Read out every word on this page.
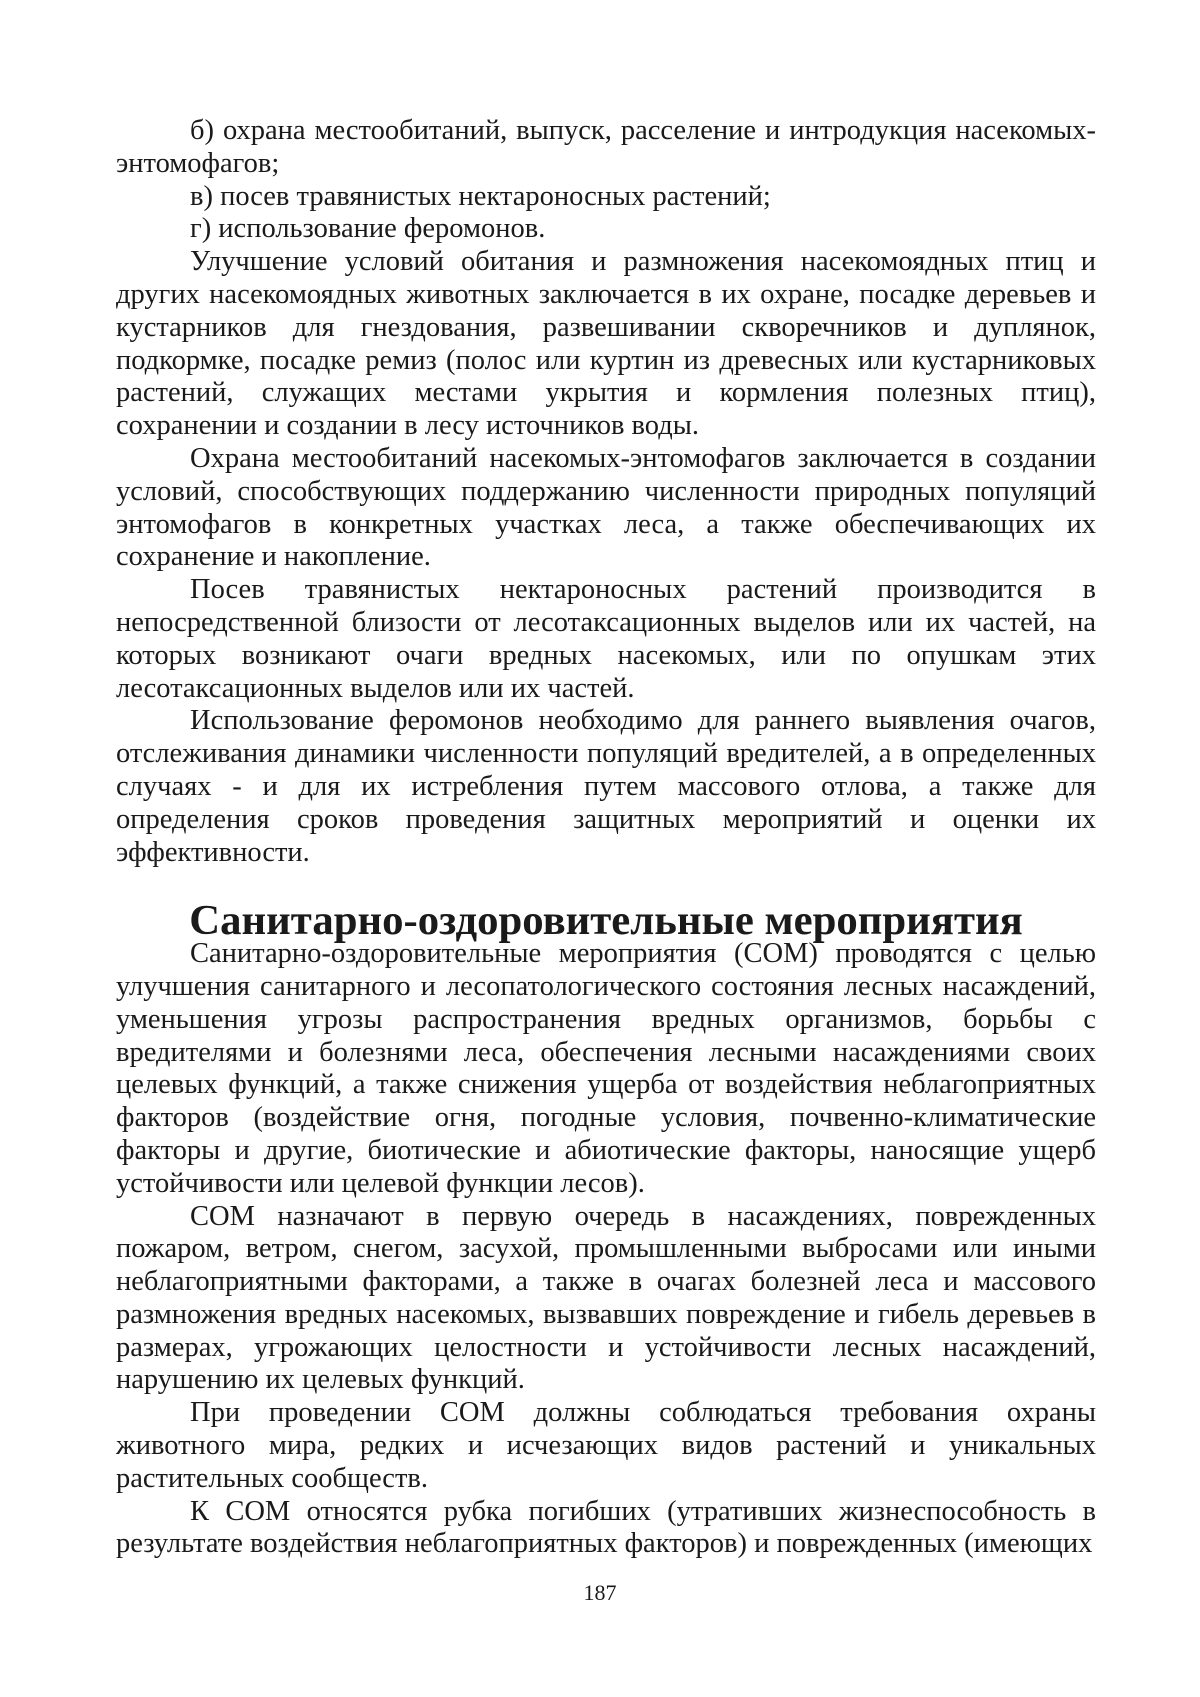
б) охрана местообитаний, выпуск, расселение и интродукция насекомых-энтомофагов;

в) посев травянистых нектароносных растений;

г) использование феромонов.

Улучшение условий обитания и размножения насекомоядных птиц и других насекомоядных животных заключается в их охране, посадке деревьев и кустарников для гнездования, развешивании скворечников и дуплянок, подкормке, посадке ремиз (полос или куртин из древесных или кустарниковых растений, служащих местами укрытия и кормления полезных птиц), сохранении и создании в лесу источников воды.

Охрана местообитаний насекомых-энтомофагов заключается в создании условий, способствующих поддержанию численности природных популяций энтомофагов в конкретных участках леса, а также обеспечивающих их сохранение и накопление.

Посев травянистых нектароносных растений производится в непосредственной близости от лесотаксационных выделов или их частей, на которых возникают очаги вредных насекомых, или по опушкам этих лесотаксационных выделов или их частей.

Использование феромонов необходимо для раннего выявления очагов, отслеживания динамики численности популяций вредителей, а в определенных случаях - и для их истребления путем массового отлова, а также для определения сроков проведения защитных мероприятий и оценки их эффективности.

Санитарно-оздоровительные мероприятия

Санитарно-оздоровительные мероприятия (СОМ) проводятся с целью улучшения санитарного и лесопатологического состояния лесных насаждений, уменьшения угрозы распространения вредных организмов, борьбы с вредителями и болезнями леса, обеспечения лесными насаждениями своих целевых функций, а также снижения ущерба от воздействия неблагоприятных факторов (воздействие огня, погодные условия, почвенно-климатические факторы и другие, биотические и абиотические факторы, наносящие ущерб устойчивости или целевой функции лесов).

СОМ назначают в первую очередь в насаждениях, поврежденных пожаром, ветром, снегом, засухой, промышленными выбросами или иными неблагоприятными факторами, а также в очагах болезней леса и массового размножения вредных насекомых, вызвавших повреждение и гибель деревьев в размерах, угрожающих целостности и устойчивости лесных насаждений, нарушению их целевых функций.

При проведении СОМ должны соблюдаться требования охраны животного мира, редких и исчезающих видов растений и уникальных растительных сообществ.

К СОМ относятся рубка погибших (утративших жизнеспособность в результате воздействия неблагоприятных факторов) и поврежденных (имеющих

187
